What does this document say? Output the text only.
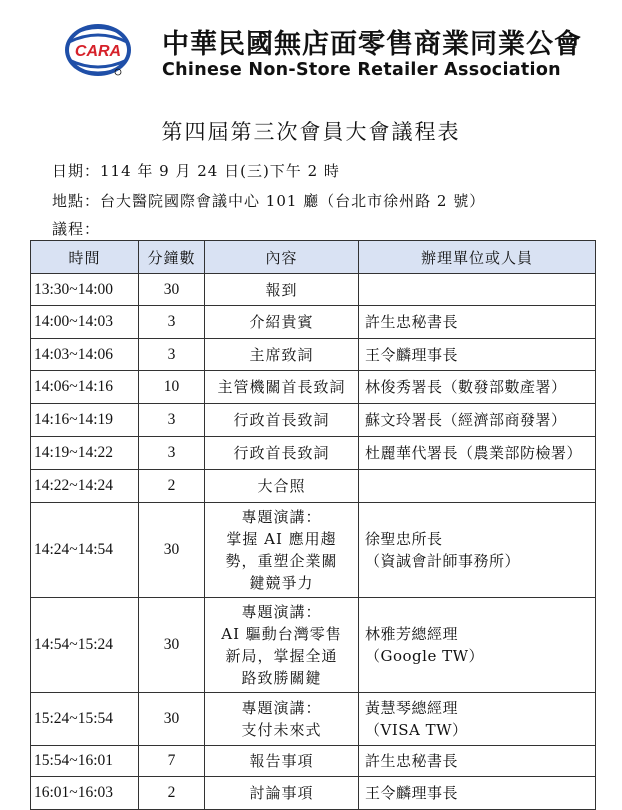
CARA 中華民國無店面零售商業同業公會
Chinese Non-Store Retailer Association
第四屆第三次會員大會議程表
日期：114 年 9 月 24 日(三)下午 2 時
地點：台大醫院國際會議中心 101 廳（台北市徐州路 2 號）
議程：
時間	分鐘數	內容	辦理單位或人員
13:30~14:00	30	報到	
14:00~14:03	3	介紹貴賓	許生忠秘書長
14:03~14:06	3	主席致詞	王令麟理事長
14:06~14:16	10	主管機關首長致詞	林俊秀署長（數發部數產署）
14:16~14:19	3	行政首長致詞	蘇文玲署長（經濟部商發署）
14:19~14:22	3	行政首長致詞	杜麗華代署長（農業部防檢署）
14:22~14:24	2	大合照	
14:24~14:54	30	專題演講：
掌握 AI 應用趨
勢，重塑企業關
鍵競爭力	徐聖忠所長
（資誠會計師事務所）
14:54~15:24	30	專題演講：
AI 驅動台灣零售
新局，掌握全通
路致勝關鍵	林雅芳總經理
（Google TW）
15:24~15:54	30	專題演講：
支付未來式	黃慧琴總經理
（VISA TW）
15:54~16:01	7	報告事項	許生忠秘書長
16:01~16:03	2	討論事項	王令麟理事長
